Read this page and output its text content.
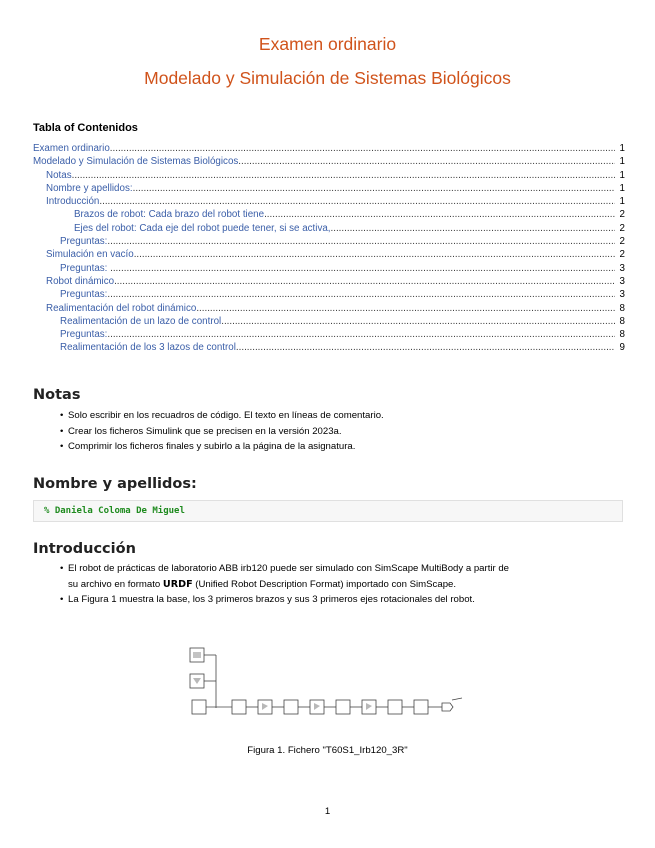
Examen ordinario
Modelado y Simulación de Sistemas Biológicos
Tabla of Contenidos
Examen ordinario .....	1
Modelado y Simulación de Sistemas Biológicos .....	1
Notas .....	1
Nombre y apellidos: .....	1
Introducción .....	1
Brazos de robot: Cada brazo del robot tiene .....	2
Ejes del robot: Cada eje del robot puede tener, si se activa, .....	2
Preguntas: .....	2
Simulación en vacío .....	2
Preguntas: .....	3
Robot dinámico .....	3
Preguntas: .....	3
Realimentación del robot dinámico .....	8
Realimentación de un lazo de control .....	8
Preguntas: .....	8
Realimentación de los 3 lazos de control .....	9
Notas
• Solo escribir en los recuadros de código. El texto en líneas de comentario.
• Crear los ficheros Simulink que se precisen en la versión 2023a.
• Comprimir los ficheros finales y subirlo a la página de la asignatura.
Nombre y apellidos:
% Daniela Coloma De Miguel
Introducción
• El robot de prácticas de laboratorio ABB irb120 puede ser simulado con SimScape MultiBody a partir de
su archivo en formato URDF (Unified Robot Description Format) importado con SimScape.
• La Figura 1 muestra la base, los 3 primeros brazos y sus 3 primeros ejes rotacionales del robot.
Figura 1. Fichero "T60S1_Irb120_3R"
1
